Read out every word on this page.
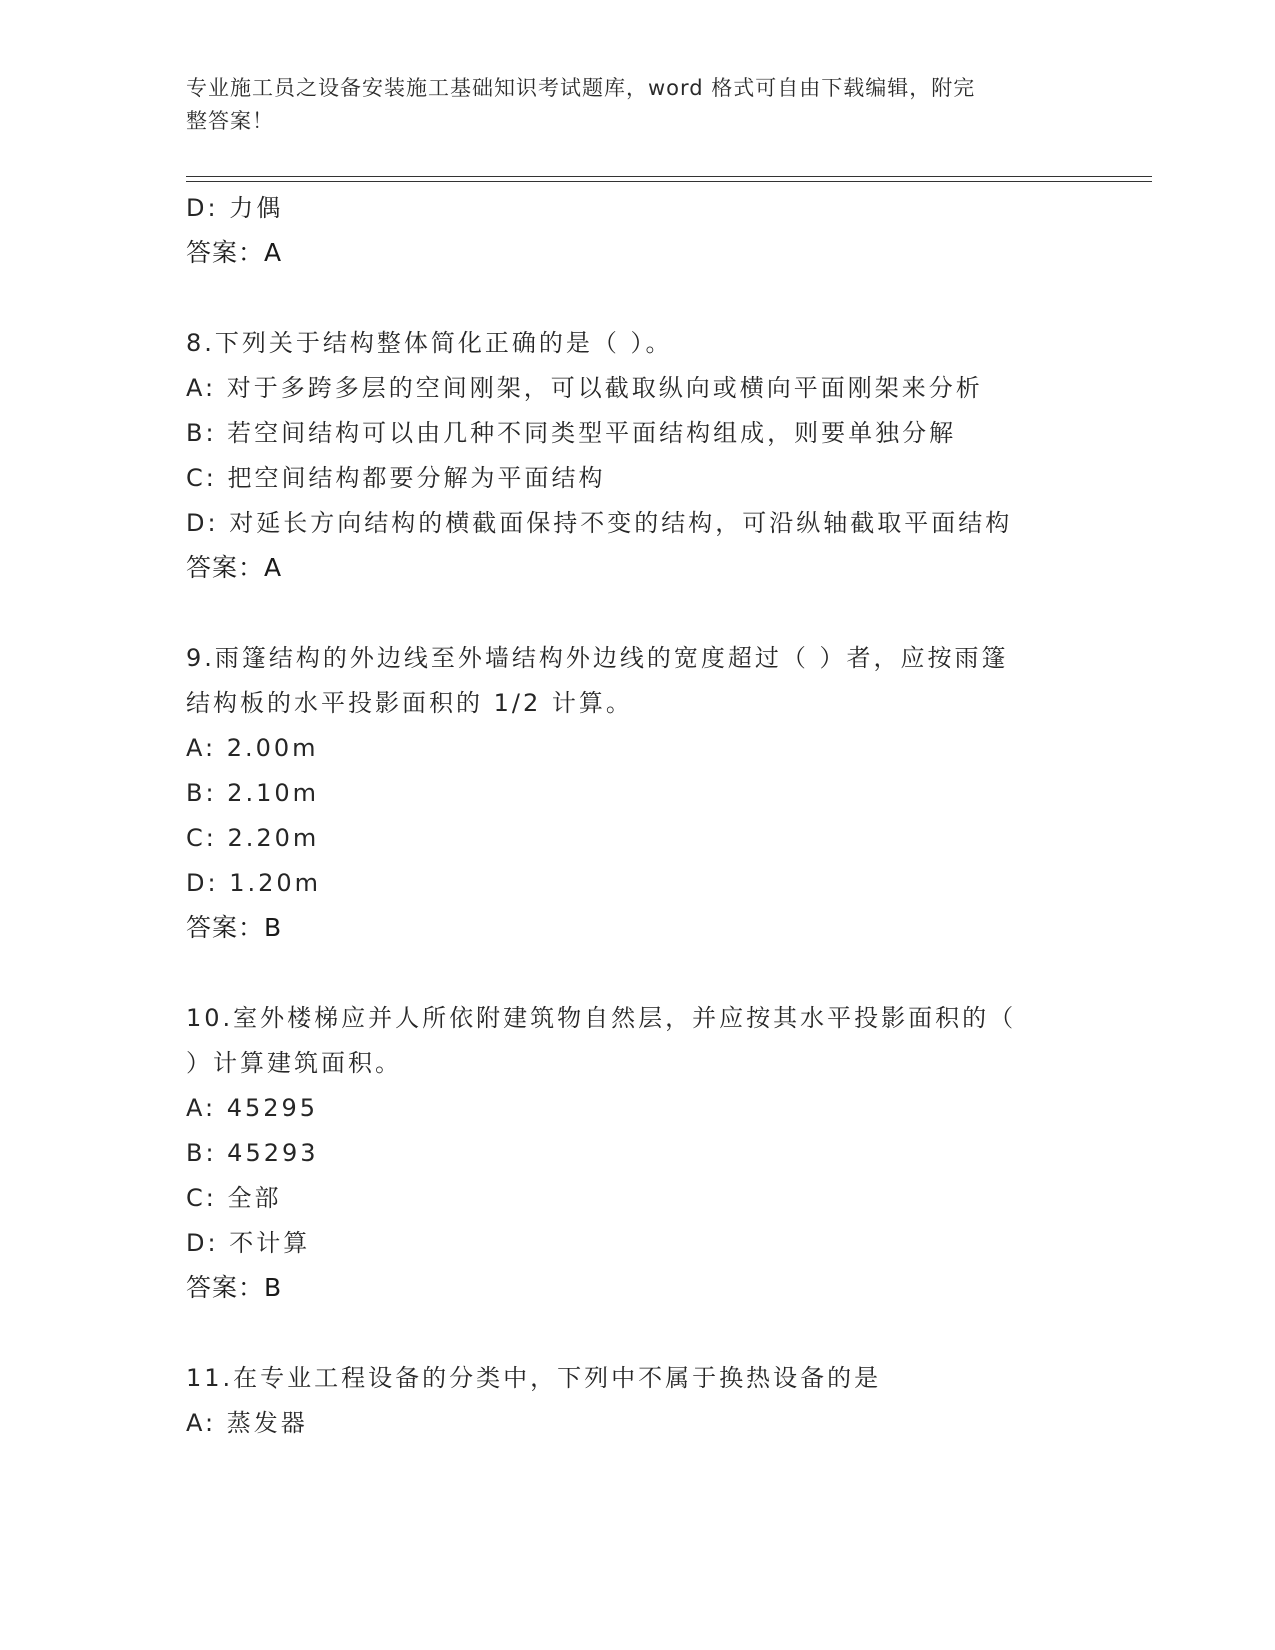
专业施工员之设备安装施工基础知识考试题库，word 格式可自由下载编辑，附完
整答案！
D: 力偶
答案：A
8.下列关于结构整体简化正确的是（ ）。
A: 对于多跨多层的空间刚架，可以截取纵向或横向平面刚架来分析
B: 若空间结构可以由几种不同类型平面结构组成，则要单独分解
C: 把空间结构都要分解为平面结构
D: 对延长方向结构的横截面保持不变的结构，可沿纵轴截取平面结构
答案：A
9.雨篷结构的外边线至外墙结构外边线的宽度超过（ ）者，应按雨篷
结构板的水平投影面积的 1/2 计算。
A: 2.00m
B: 2.10m
C: 2.20m
D: 1.20m
答案：B
10.室外楼梯应并人所依附建筑物自然层，并应按其水平投影面积的（
）计算建筑面积。
A: 45295
B: 45293
C: 全部
D: 不计算
答案：B
11.在专业工程设备的分类中，下列中不属于换热设备的是
A: 蒸发器
